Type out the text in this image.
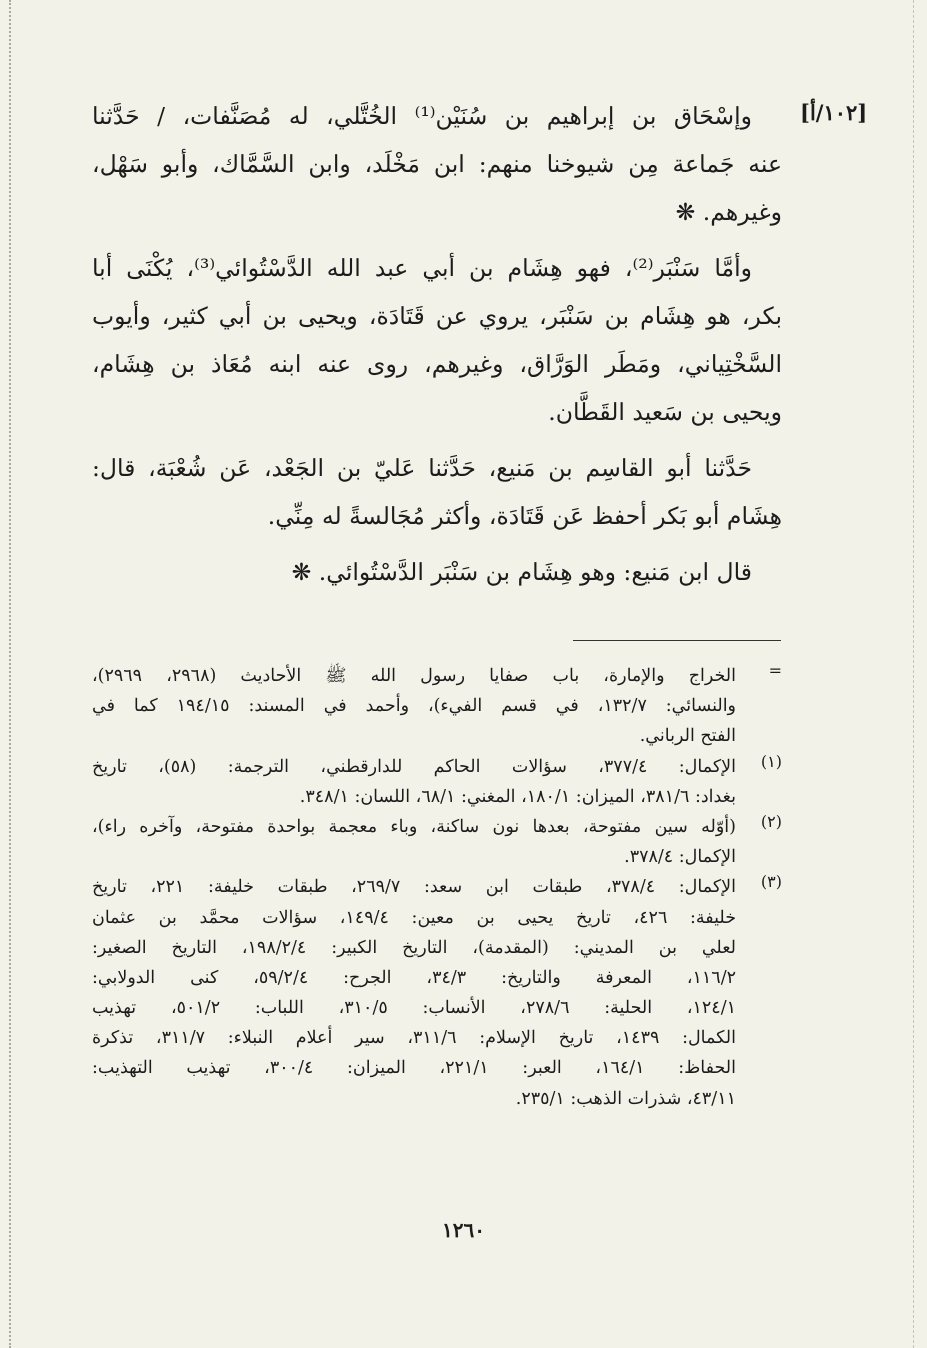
[١٠٢/أ]
وإسْحَاق بن إبراهيم بن سُنَيْن⁽¹⁾ الخُتَّلي، له مُصَنَّفات، / حَدَّثنا
عنه جَماعة مِن شيوخنا منهم: ابن مَخْلَد، وابن السَّمَّاك، وأبو سَهْل،
وغيرهم. ❋
وأمَّا سَنْبَر⁽²⁾، فهو هِشَام بن أبي عبد الله الدَّسْتُوائي⁽³⁾، يُكْنَى أبا
بكر، هو هِشَام بن سَنْبَر، يروي عن قَتَادَة، ويحيى بن أبي كثير، وأيوب
السَّخْتِياني، ومَطَر الوَرَّاق، وغيرهم، روى عنه ابنه مُعَاذ بن هِشَام،
ويحيى بن سَعيد القَطَّان.
حَدَّثنا أبو القاسِم بن مَنيع، حَدَّثنا عَليّ بن الجَعْد، عَن شُعْبَة، قال:
هِشَام أبو بَكر أحفظ عَن قَتَادَة، وأكثر مُجَالسةً له مِنِّي.
قال ابن مَنيع: وهو هِشَام بن سَنْبَر الدَّسْتُوائي. ❋
=
الخراج والإمارة، باب صفايا رسول الله ﷺ الأحاديث (٢٩٦٨، ٢٩٦٩)،
والنسائي: ١٣٢/٧، في قسم الفيء)، وأحمد في المسند: ١٩٤/١٥ كما في
الفتح الرباني.
(١)
الإكمال: ٣٧٧/٤، سؤالات الحاكم للدارقطني، الترجمة: (٥٨)، تاريخ
بغداد: ٣٨١/٦، الميزان: ١٨٠/١، المغني: ٦٨/١، اللسان: ٣٤٨/١.
(٢)
(أوّله سين مفتوحة، بعدها نون ساكنة، وباء معجمة بواحدة مفتوحة، وآخره راء)،
الإكمال: ٣٧٨/٤.
(٣)
الإكمال: ٣٧٨/٤، طبقات ابن سعد: ٢٦٩/٧، طبقات خليفة: ٢٢١، تاريخ
خليفة: ٤٢٦، تاريخ يحيى بن معين: ١٤٩/٤، سؤالات محمَّد بن عثمان
لعلي بن المديني: (المقدمة)، التاريخ الكبير: ١٩٨/٢/٤، التاريخ الصغير:
١١٦/٢، المعرفة والتاريخ: ٣٤/٣، الجرح: ٥٩/٢/٤، كنى الدولابي:
١٢٤/١، الحلية: ٢٧٨/٦، الأنساب: ٣١٠/٥، اللباب: ٥٠١/٢، تهذيب
الكمال: ١٤٣٩، تاريخ الإسلام: ٣١١/٦، سير أعلام النبلاء: ٣١١/٧، تذكرة
الحفاظ: ١٦٤/١، العبر: ٢٢١/١، الميزان: ٣٠٠/٤، تهذيب التهذيب:
٤٣/١١، شذرات الذهب: ٢٣٥/١.
١٢٦٠
